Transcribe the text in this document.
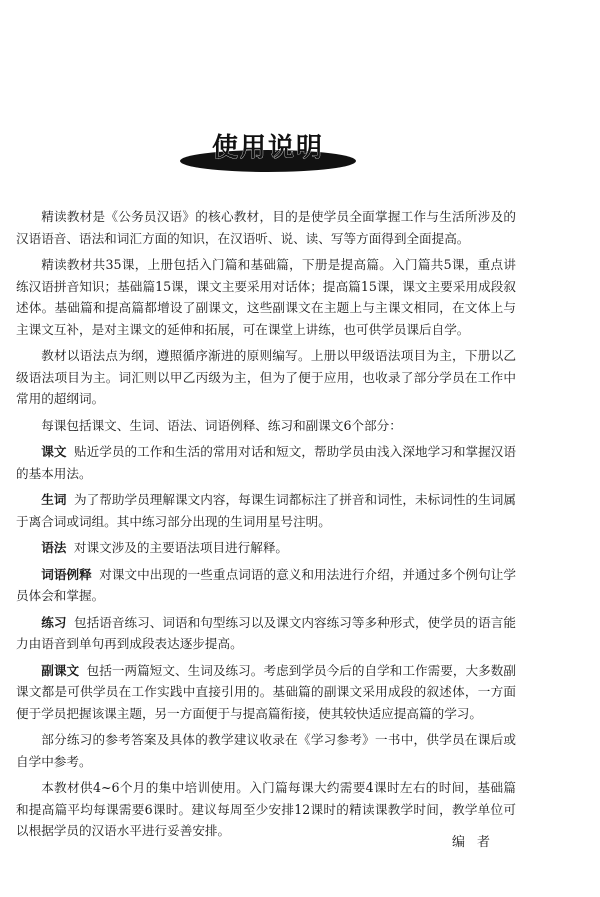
使用说明

精读教材是《公务员汉语》的核心教材，目的是使学员全面掌握工作与生活所涉及的汉语语音、语法和词汇方面的知识，在汉语听、说、读、写等方面得到全面提高。

精读教材共35课，上册包括入门篇和基础篇，下册是提高篇。入门篇共5课，重点讲练汉语拼音知识；基础篇15课，课文主要采用对话体；提高篇15课，课文主要采用成段叙述体。基础篇和提高篇都增设了副课文，这些副课文在主题上与主课文相同，在文体上与主课文互补，是对主课文的延伸和拓展，可在课堂上讲练，也可供学员课后自学。

教材以语法点为纲，遵照循序渐进的原则编写。上册以甲级语法项目为主，下册以乙级语法项目为主。词汇则以甲乙丙级为主，但为了便于应用，也收录了部分学员在工作中常用的超纲词。

每课包括课文、生词、语法、词语例释、练习和副课文6个部分：

课文 贴近学员的工作和生活的常用对话和短文，帮助学员由浅入深地学习和掌握汉语的基本用法。

生词 为了帮助学员理解课文内容，每课生词都标注了拼音和词性，未标词性的生词属于离合词或词组。其中练习部分出现的生词用星号注明。

语法 对课文涉及的主要语法项目进行解释。

词语例释 对课文中出现的一些重点词语的意义和用法进行介绍，并通过多个例句让学员体会和掌握。

练习 包括语音练习、词语和句型练习以及课文内容练习等多种形式，使学员的语言能力由语音到单句再到成段表达逐步提高。

副课文 包括一两篇短文、生词及练习。考虑到学员今后的自学和工作需要，大多数副课文都是可供学员在工作实践中直接引用的。基础篇的副课文采用成段的叙述体，一方面便于学员把握该课主题，另一方面便于与提高篇衔接，使其较快适应提高篇的学习。

部分练习的参考答案及具体的教学建议收录在《学习参考》一书中，供学员在课后或自学中参考。

本教材供4~6个月的集中培训使用。入门篇每课大约需要4课时左右的时间，基础篇和提高篇平均每课需要6课时。建议每周至少安排12课时的精读课教学时间，教学单位可以根据学员的汉语水平进行妥善安排。

编者
